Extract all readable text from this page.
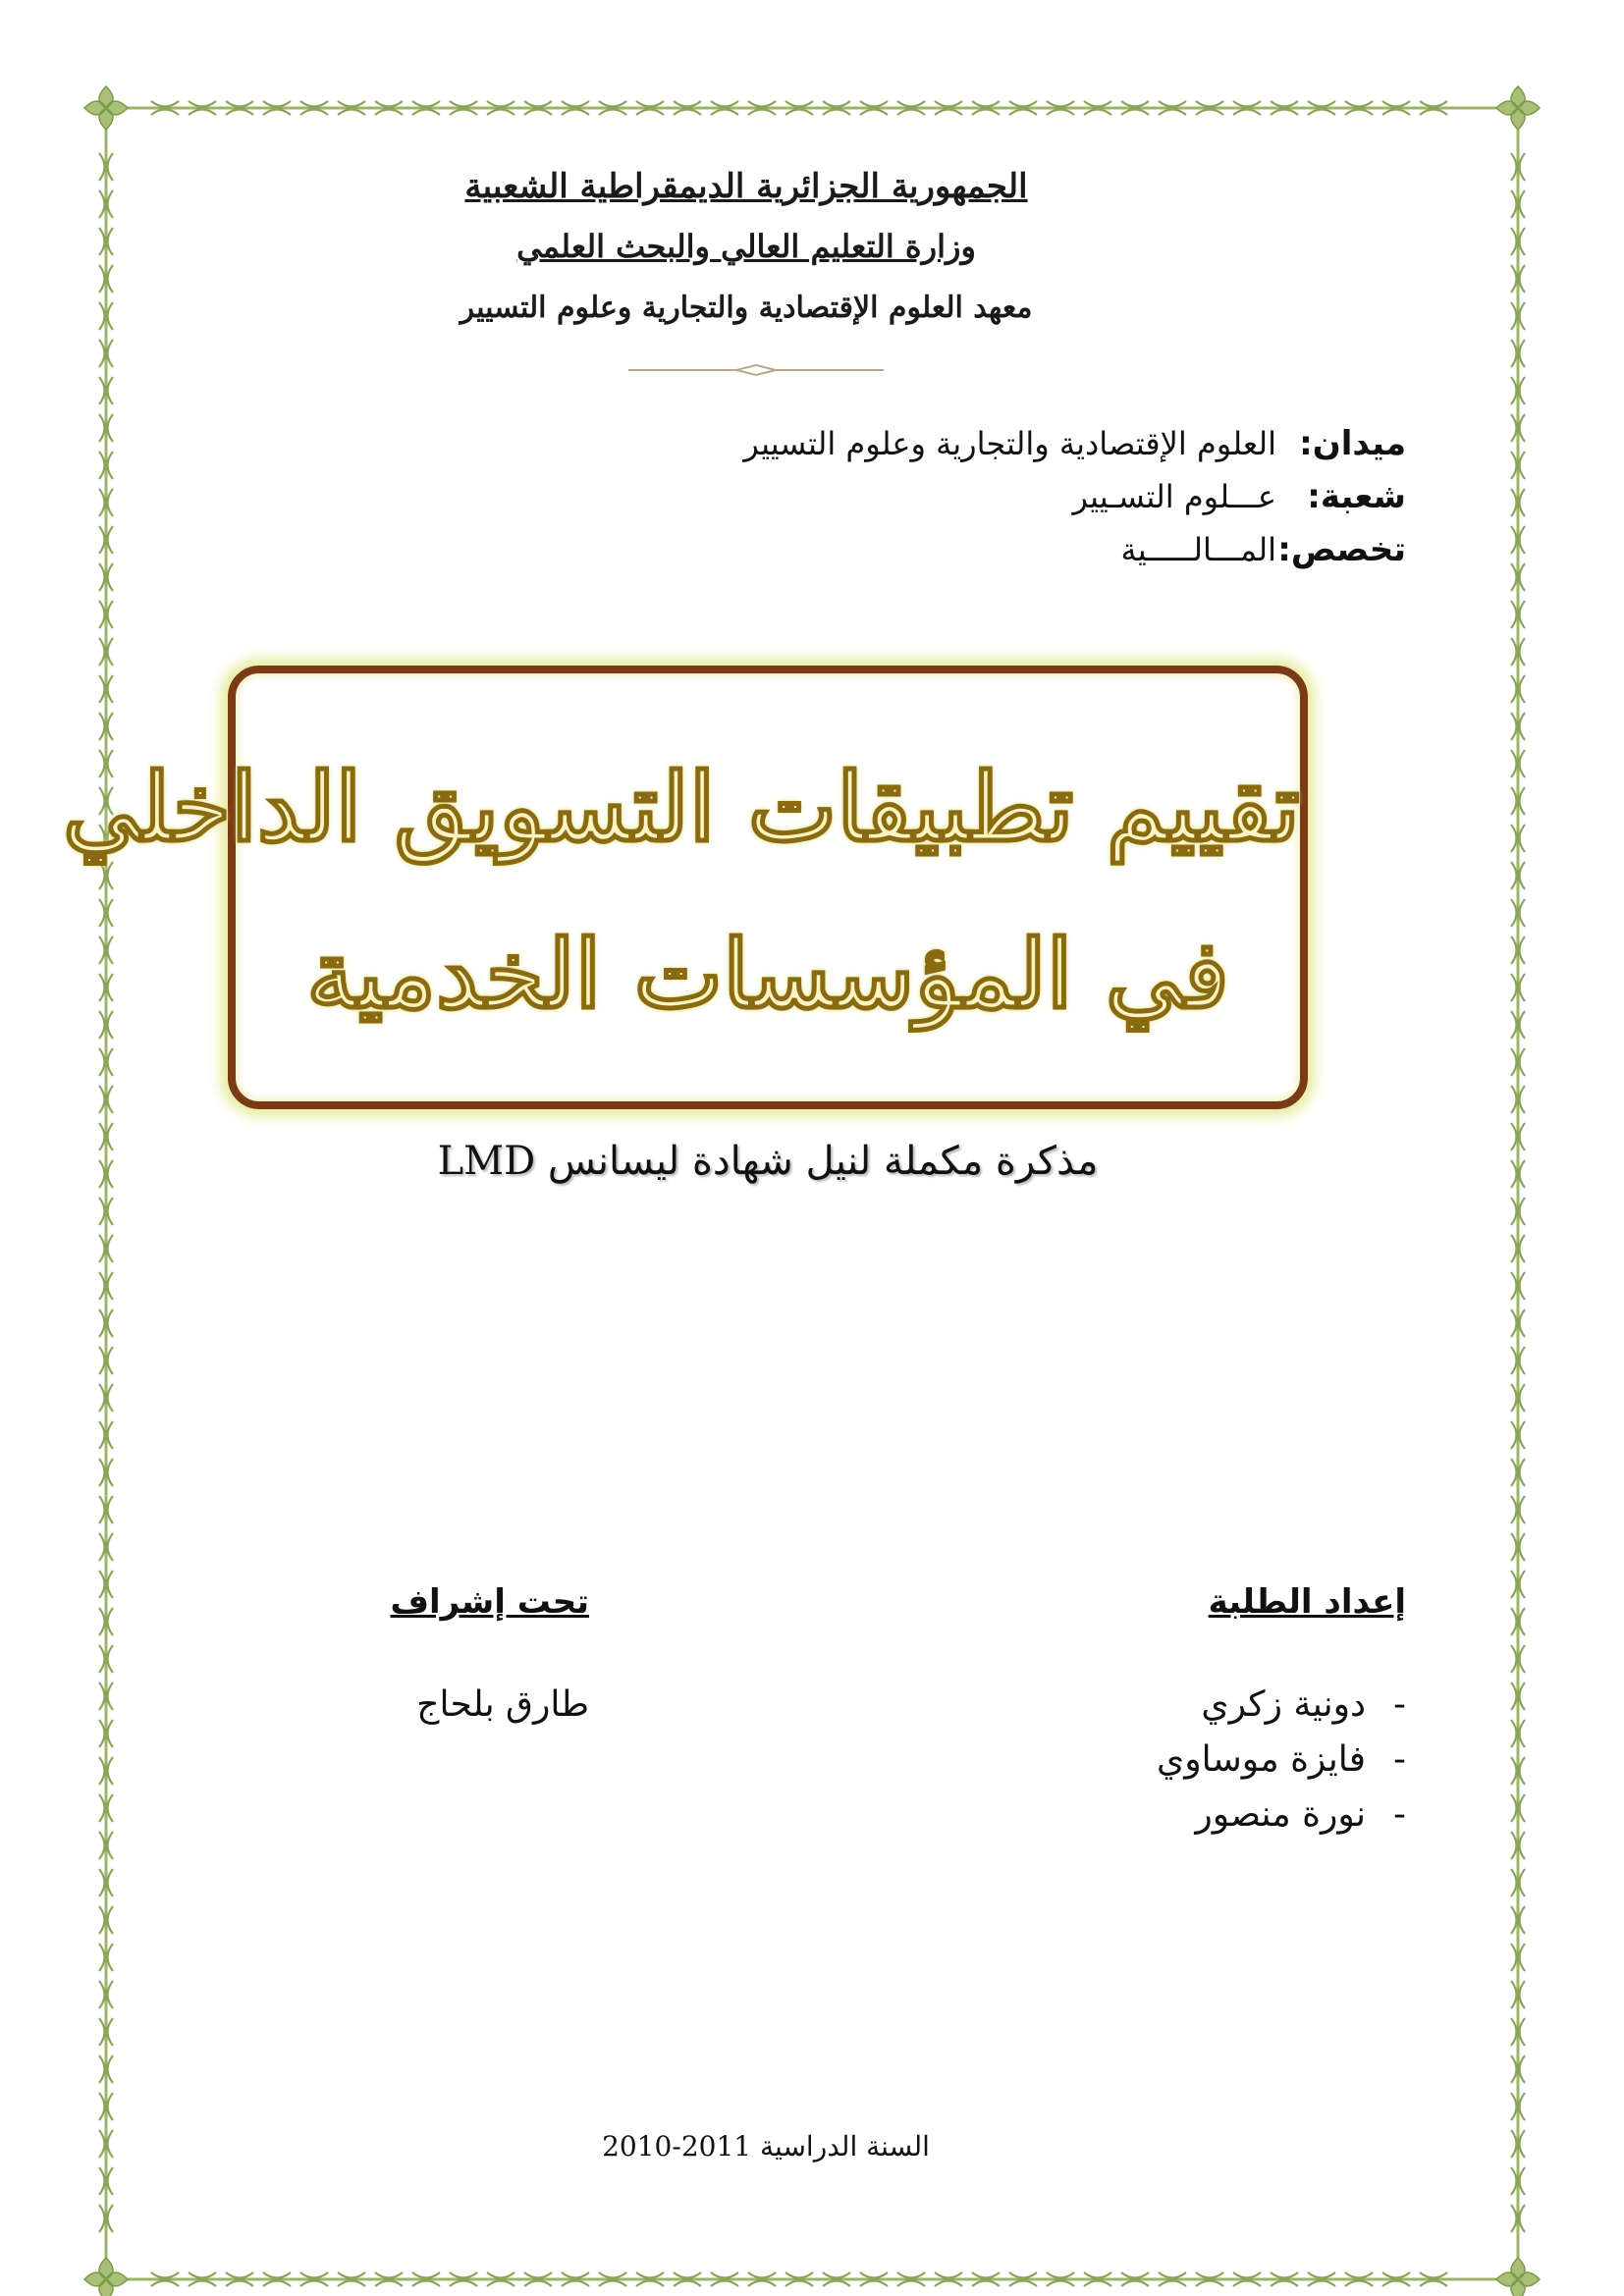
الجمهورية الجزائرية الديمقراطية الشعبية
وزارة التعليم العالي والبحث العلمي
معهد العلوم الإقتصادية والتجارية وعلوم التسيير
ميدان:
العلوم الإقتصادية والتجارية وعلوم التسيير
شعبة:
عـــلوم التسـيير
تخصص:
المـــالـــــية
تقييم تطبيقات التسويق الداخلي
في المؤسسات الخدمية
مذكرة مكملة لنيل شهادة ليسانس LMD
إعداد الطلبة
تحت إشراف
-
دونية زكري
-
فايزة موساوي
-
نورة منصور
طارق بلحاج
السنة الدراسية 2010-2011
